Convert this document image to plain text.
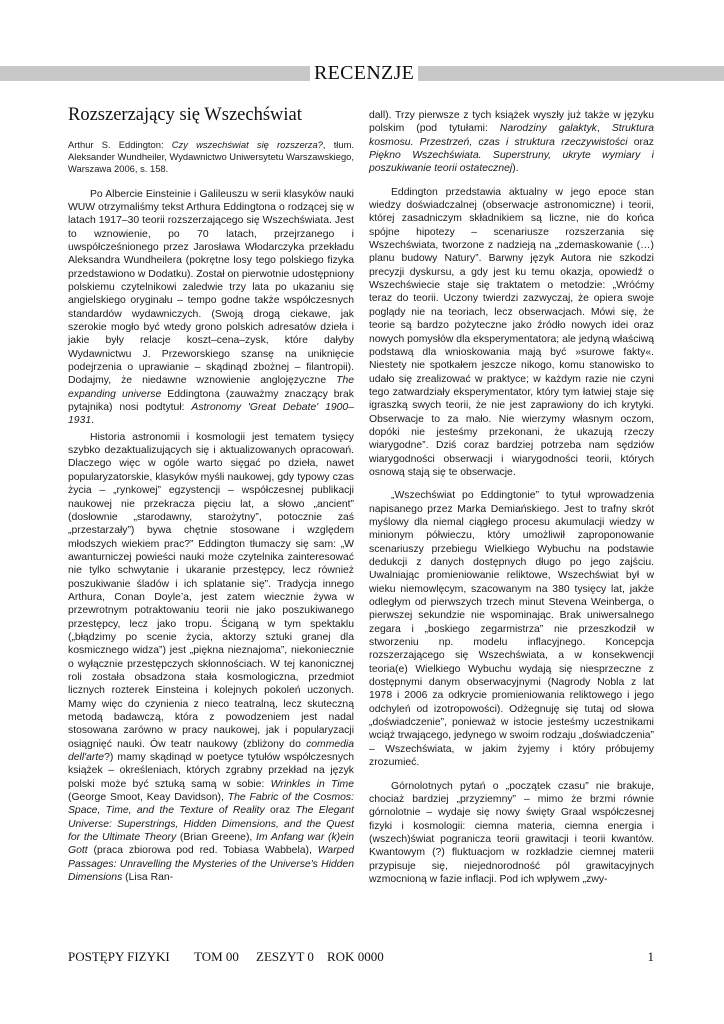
RECENZJE
Rozszerzający się Wszechświat
Arthur S. Eddington: Czy wszechświat się rozszerza?, tłum. Aleksander Wundheiler, Wydawnictwo Uniwersytetu Warszawskiego, Warszawa 2006, s. 158.

Po Albercie Einsteinie i Galileuszu w serii klasyków nauki WUW otrzymaliśmy tekst Arthura Eddingtona o rodzącej się w latach 1917–30 teorii rozszerzającego się Wszechświata. Jest to wznowienie, po 70 latach, przejrzanego i uwspółcześnionego przez Jarosława Włodarczyka przekładu Aleksandra Wundheilera (pokrętne losy tego polskiego fizyka przedstawiono w Dodatku). Został on pierwotnie udostępniony polskiemu czytelnikowi zaledwie trzy lata po ukazaniu się angielskiego oryginału – tempo godne także współczesnych standardów wydawniczych. (Swoją drogą ciekawe, jak szerokie mogło być wtedy grono polskich adresatów dzieła i jakie były relacje koszt–cena–zysk, które dałyby Wydawnictwu J. Przeworskiego szansę na uniknięcie podejrzenia o uprawianie – skądinąd zbożnej – filantropii). Dodajmy, że niedawne wznowienie anglojęzyczne The expanding universe Eddingtona (zauważmy znaczący brak pytajnika) nosi podtytuł: Astronomy 'Great Debate' 1900–1931.

Historia astronomii i kosmologii jest tematem tysięcy szybko dezaktualizujących się i aktualizowanych opracowań. Dlaczego więc w ogóle warto sięgać po dzieła, nawet popularyzatorskie, klasyków myśli naukowej, gdy typowy czas życia – „rynkowej” egzystencji – współczesnej publikacji naukowej nie przekracza pięciu lat, a słowo „ancient” (dosłownie „starodawny, starożytny”, potocznie zaś „przestarzały”) bywa chętnie stosowane i względem młodszych wiekiem prac?” Eddington tłumaczy się sam: „W awanturniczej powieści nauki może czytelnika zainteresować nie tylko schwytanie i ukaranie przestępcy, lecz również poszukiwanie śladów i ich splatanie się”. Tradycja innego Arthura, Conan Doyle’a, jest zatem wiecznie żywa w przewrotnym potraktowaniu teorii nie jako poszukiwanego przestępcy, lecz jako tropu. Ściganą w tym spektaklu („błądzimy po scenie życia, aktorzy sztuki granej dla kosmicznego widza”) jest „piękna nieznajoma”, niekoniecznie o wyłącznie przestępczych skłonnościach. W tej kanonicznej roli została obsadzona stała kosmologiczna, przedmiot licznych rozterek Einsteina i kolejnych pokoleń uczonych. Mamy więc do czynienia z nieco teatralną, lecz skuteczną metodą badawczą, która z powodzeniem jest nadal stosowana zarówno w pracy naukowej, jak i popularyzacji osiągnięć nauki. Ów teatr naukowy (zbliżony do commedia dell'arte?) mamy skądinąd w poetyce tytułów współczesnych książek – określeniach, których zgrabny przekład na język polski może być sztuką samą w sobie: Wrinkles in Time (George Smoot, Keay Davidson), The Fabric of the Cosmos: Space, Time, and the Texture of Reality oraz The Elegant Universe: Superstrings, Hidden Dimensions, and the Quest for the Ultimate Theory (Brian Greene), Im Anfang war (k)ein Gott (praca zbiorowa pod red. Tobiasa Wabbela), Warped Passages: Unravelling the Mysteries of the Universe's Hidden Dimensions (Lisa Ran-

dall). Trzy pierwsze z tych książek wyszły już także w języku polskim (pod tytułami: Narodziny galaktyk, Struktura kosmosu. Przestrzeń, czas i struktura rzeczywistości oraz Piękno Wszechświata. Superstruny, ukryte wymiary i poszukiwanie teorii ostatecznej).

Eddington przedstawia aktualny w jego epoce stan wiedzy doświadczalnej (obserwacje astronomiczne) i teorii, której zasadniczym składnikiem są liczne, nie do końca spójne hipotezy – scenariusze rozszerzania się Wszechświata, tworzone z nadzieją na „zdemaskowanie (…) planu budowy Natury”. Barwny język Autora nie szkodzi precyzji dyskursu, a gdy jest ku temu okazja, opowiedź o Wszechświecie staje się traktatem o metodzie: „Wróćmy teraz do teorii. Uczony twierdzi zazwyczaj, że opiera swoje poglądy nie na teoriach, lecz obserwacjach. Mówi się, że teorie są bardzo pożyteczne jako źródło nowych idei oraz nowych pomysłów dla eksperymentatora; ale jedyną właściwą podstawą dla wnioskowania mają być »surowe fakty«. Niestety nie spotkałem jeszcze nikogo, komu stanowisko to udało się zrealizować w praktyce; w każdym razie nie czyni tego zatwardziały eksperymentator, który tym łatwiej staje się igraszką swych teorii, że nie jest zaprawiony do ich krytyki. Obserwacje to za mało. Nie wierzymy własnym oczom, dopóki nie jesteśmy przekonani, że ukazują rzeczy wiarygodne”. Dziś coraz bardziej potrzeba nam sędziów wiarygodności obserwacji i wiarygodności teorii, których osnową stają się te obserwacje.

„Wszechświat po Eddingtonie” to tytuł wprowadzenia napisanego przez Marka Demiańskiego. Jest to trafny skrót myślowy dla niemal ciągłego procesu akumulacji wiedzy w minionym półwieczu, który umożliwił zaproponowanie scenariuszy przebiegu Wielkiego Wybuchu na podstawie dedukcji z danych dostępnych długo po jego zajściu. Uwalniając promieniowanie reliktowe, Wszechświat był w wieku niemowlęcym, szacowanym na 380 tysięcy lat, jakże odległym od pierwszych trzech minut Stevena Weinberga, o pierwszej sekundzie nie wspominając. Brak uniwersalnego zegara i „boskiego zegarmistrza” nie przeszkodził w stworzeniu np. modelu inflacyjnego. Koncepcja rozszerzającego się Wszechświata, a w konsekwencji teoria(e) Wielkiego Wybuchu wydają się niesprzeczne z dostępnymi danym obserwacyjnymi (Nagrody Nobla z lat 1978 i 2006 za odkrycie promieniowania reliktowego i jego odchyleń od izotropowości). Odżegnuję się tutaj od słowa „doświadczenie”, ponieważ w istocie jesteśmy uczestnikami wciąż trwającego, jedynego w swoim rodzaju „doświadczenia” – Wszechświata, w jakim żyjemy i który próbujemy zrozumieć.

Górnolotnych pytań o „początek czasu” nie brakuje, chociaż bardziej „przyziemny” – mimo że brzmi równie górnolotnie – wydaje się nowy święty Graal współczesnej fizyki i kosmologii: ciemna materia, ciemna energia i (wszech)świat pogranicza teorii grawitacji i teorii kwantów. Kwantowym (?) fluktuacjom w rozkładzie ciemnej materii przypisuje się, niejednorodność pól grawitacyjnych wzmocnioną w fazie inflacji. Pod ich wpływem „zwy-

POSTĘPY FIZYKI TOM 00 ZESZYT 0 ROK 0000	1
